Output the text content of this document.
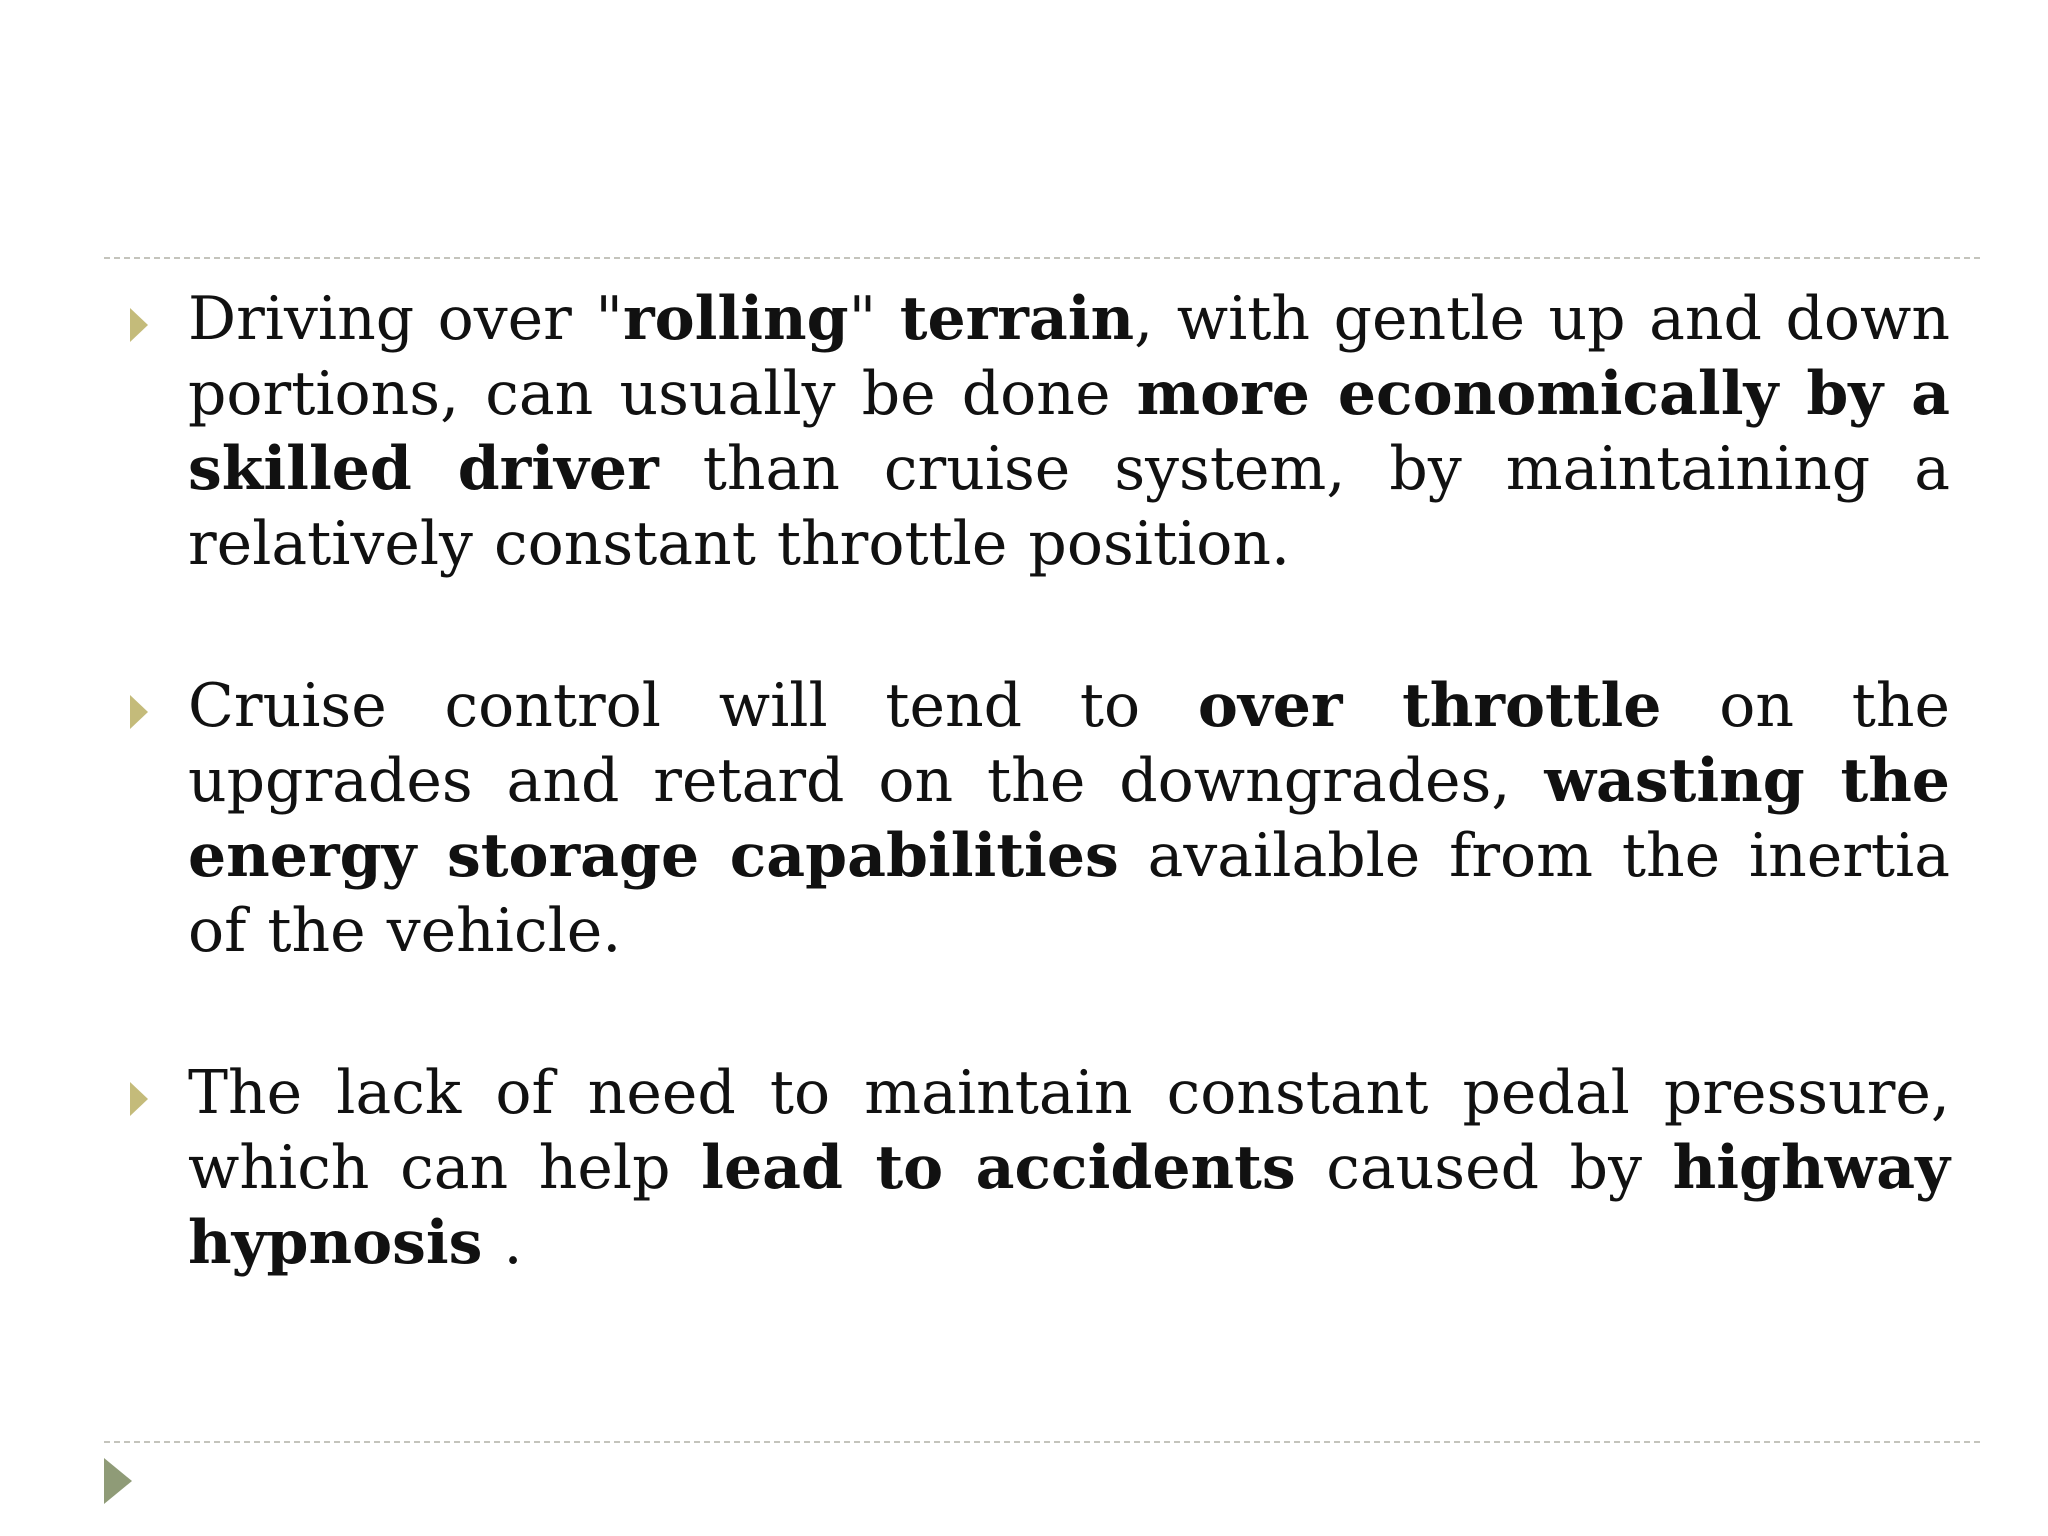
Driving over "rolling" terrain, with gentle up and down portions, can usually be done more economically by a skilled driver than cruise system, by maintaining a relatively constant throttle position.

Cruise control will tend to over throttle on the upgrades and retard on the downgrades, wasting the energy storage capabilities available from the inertia of the vehicle.

The lack of need to maintain constant pedal pressure, which can help lead to accidents caused by highway hypnosis .
